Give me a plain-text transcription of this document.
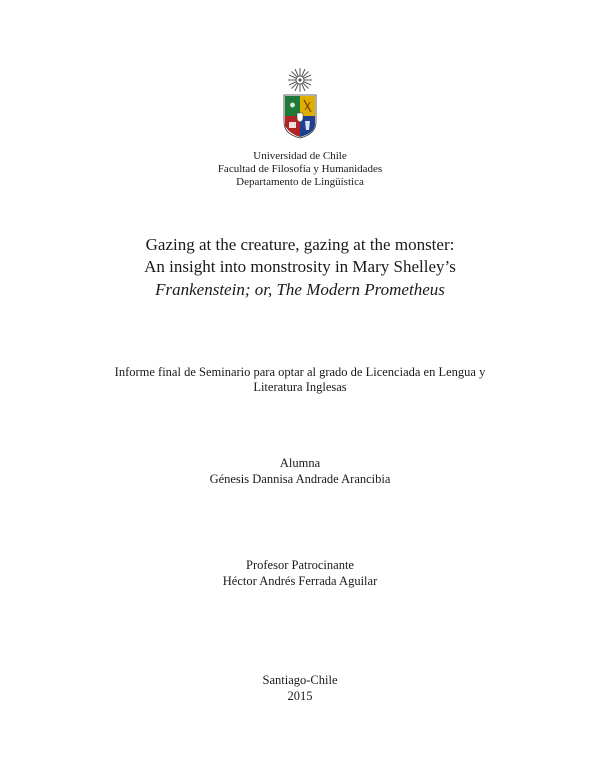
Universidad de Chile
Facultad de Filosofía y Humanidades
Departamento de Lingüística
Gazing at the creature, gazing at the monster:
An insight into monstrosity in Mary Shelley’s
Frankenstein; or, The Modern Prometheus
Informe final de Seminario para optar al grado de Licenciada en Lengua y
Literatura Inglesas
Alumna
Génesis Dannisa Andrade Arancibia
Profesor Patrocinante
Héctor Andrés Ferrada Aguilar
Santiago-Chile
2015
